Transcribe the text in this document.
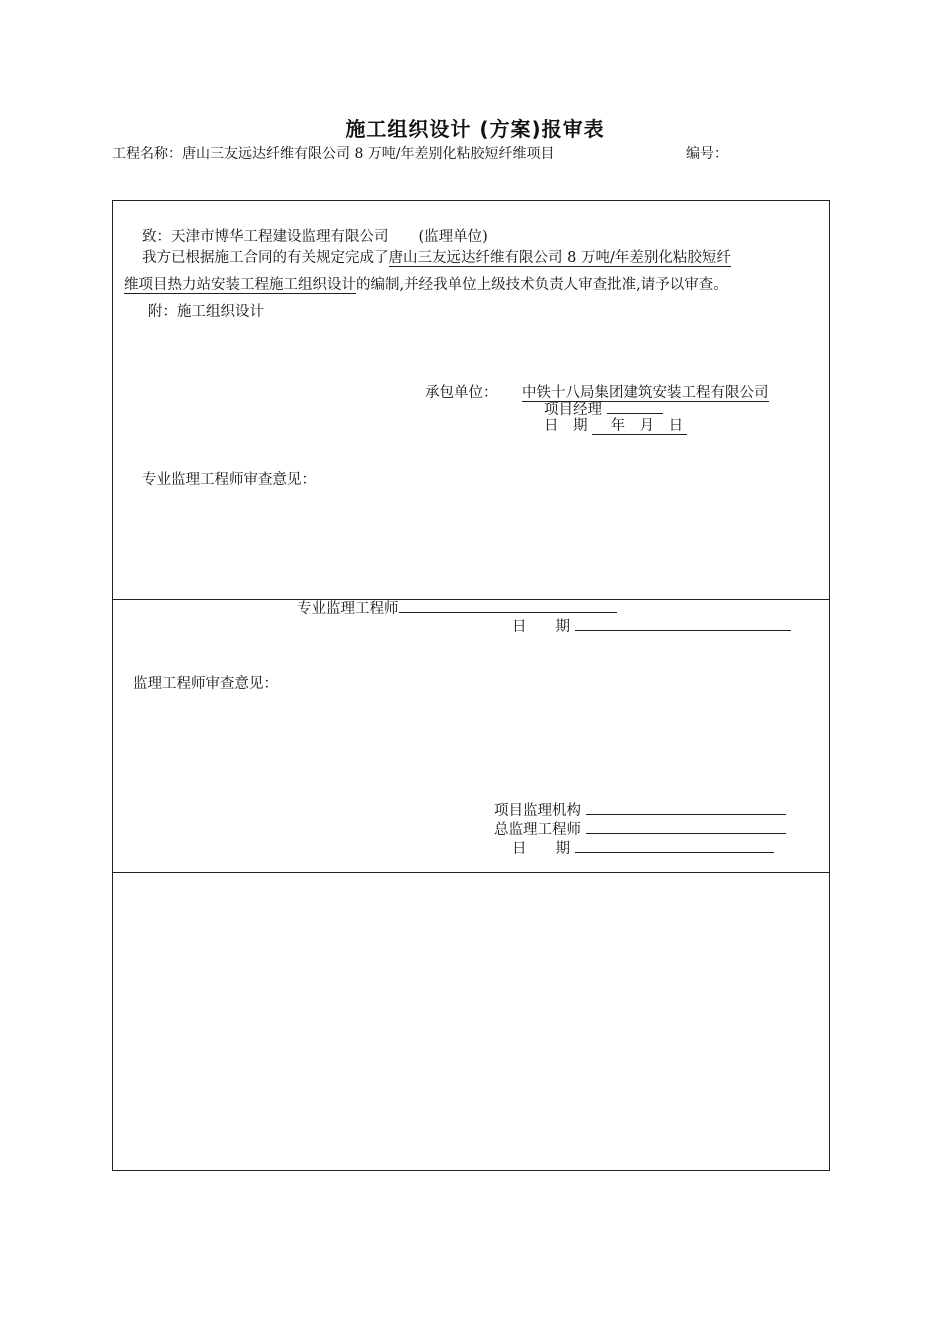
施工组织设计 (方案)报审表
工程名称：唐山三友远达纤维有限公司 8 万吨/年差别化粘胶短纤维项目	编号：
致：天津市博华工程建设监理有限公司 (监理单位)
我方已根据施工合同的有关规定完成了唐山三友远达纤维有限公司 8 万吨/年差别化粘胶短纤
维项目热力站安装工程施工组织设计的编制,并经我单位上级技术负责人审查批准,请予以审查。
附：施工组织设计
承包单位： 中铁十八局集团建筑安装工程有限公司
项目经理
日　期 　年　月　日
专业监理工程师审查意见：
专业监理工程师
日　　期
监理工程师审查意见：
项目监理机构
总监理工程师
日　　期
